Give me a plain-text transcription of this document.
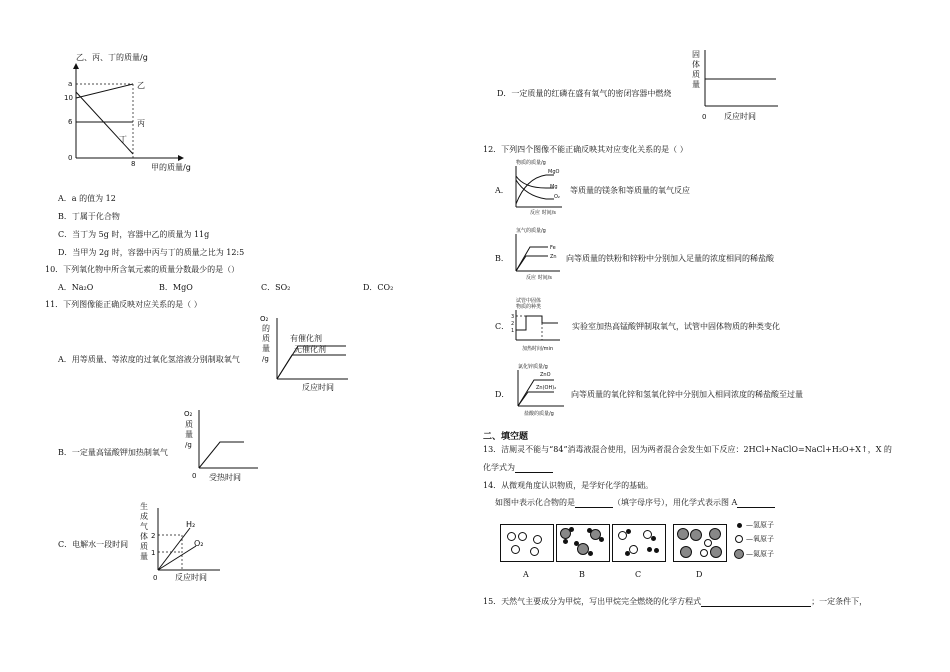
乙、丙、丁的质量/g
a
10
6
0
8
乙
丙
丁
甲的质量/g
A．a 的值为 12
B．丁属于化合物
C．当丁为 5g 时，容器中乙的质量为 11g
D．当甲为 2g 时，容器中丙与丁的质量之比为 12:5
10．下列氧化物中所含氧元素的质量分数最少的是（）
A．Na₂O	B．MgO	C．SO₂	D．CO₂
11．下列图像能正确反映对应关系的是（ ）
A．用等质量、等浓度的过氧化氢溶液分别制取氧气
O₂
的
质
量
/g
有催化剂
无催化剂
反应时间
B．一定量高锰酸钾加热制氧气
O₂
质
量
/g
0 受热时间
C．电解水一段时间
生
成
气
体
质
量
2
1
H₂
O₂
0 反应时间
D．一定质量的红磷在盛有氧气的密闭容器中燃烧
固
体
质
量
0 反应时间
12．下列四个图像不能正确反映其对应变化关系的是（ ）
A．	等质量的镁条和等质量的氧气反应
物质的质量/g
MgO
Mg
O₂
反应 时间/s
B．	向等质量的铁粉和锌粉中分别加入足量的浓度相同的稀盐酸
氢气的质量/g
Fe
Zn
反应 时间/s
C．	实验室加热高锰酸钾制取氧气，试管中固体物质的种类变化
试管中固体
物质的种类
3
2
1
加热时间/min
D．	向等质量的氧化锌和氢氧化锌中分别加入相同浓度的稀盐酸至过量
氯化锌质量/g
ZnO
Zn(OH)₂
盐酸的质量/g
二、填空题
13．洁厕灵不能与“84”消毒液混合使用，因为两者混合会发生如下反应：2HCl+NaClO=NaCl+H₂O+X↑，X 的
化学式为
14．从微观角度认识物质，是学好化学的基础。
如图中表示化合物的是	（填字母序号），用化学式表示图 A
A	B	C	D
—氢原子
—氧原子
—氮原子
15．天然气主要成分为甲烷，写出甲烷完全燃烧的化学方程式	；一定条件下，
